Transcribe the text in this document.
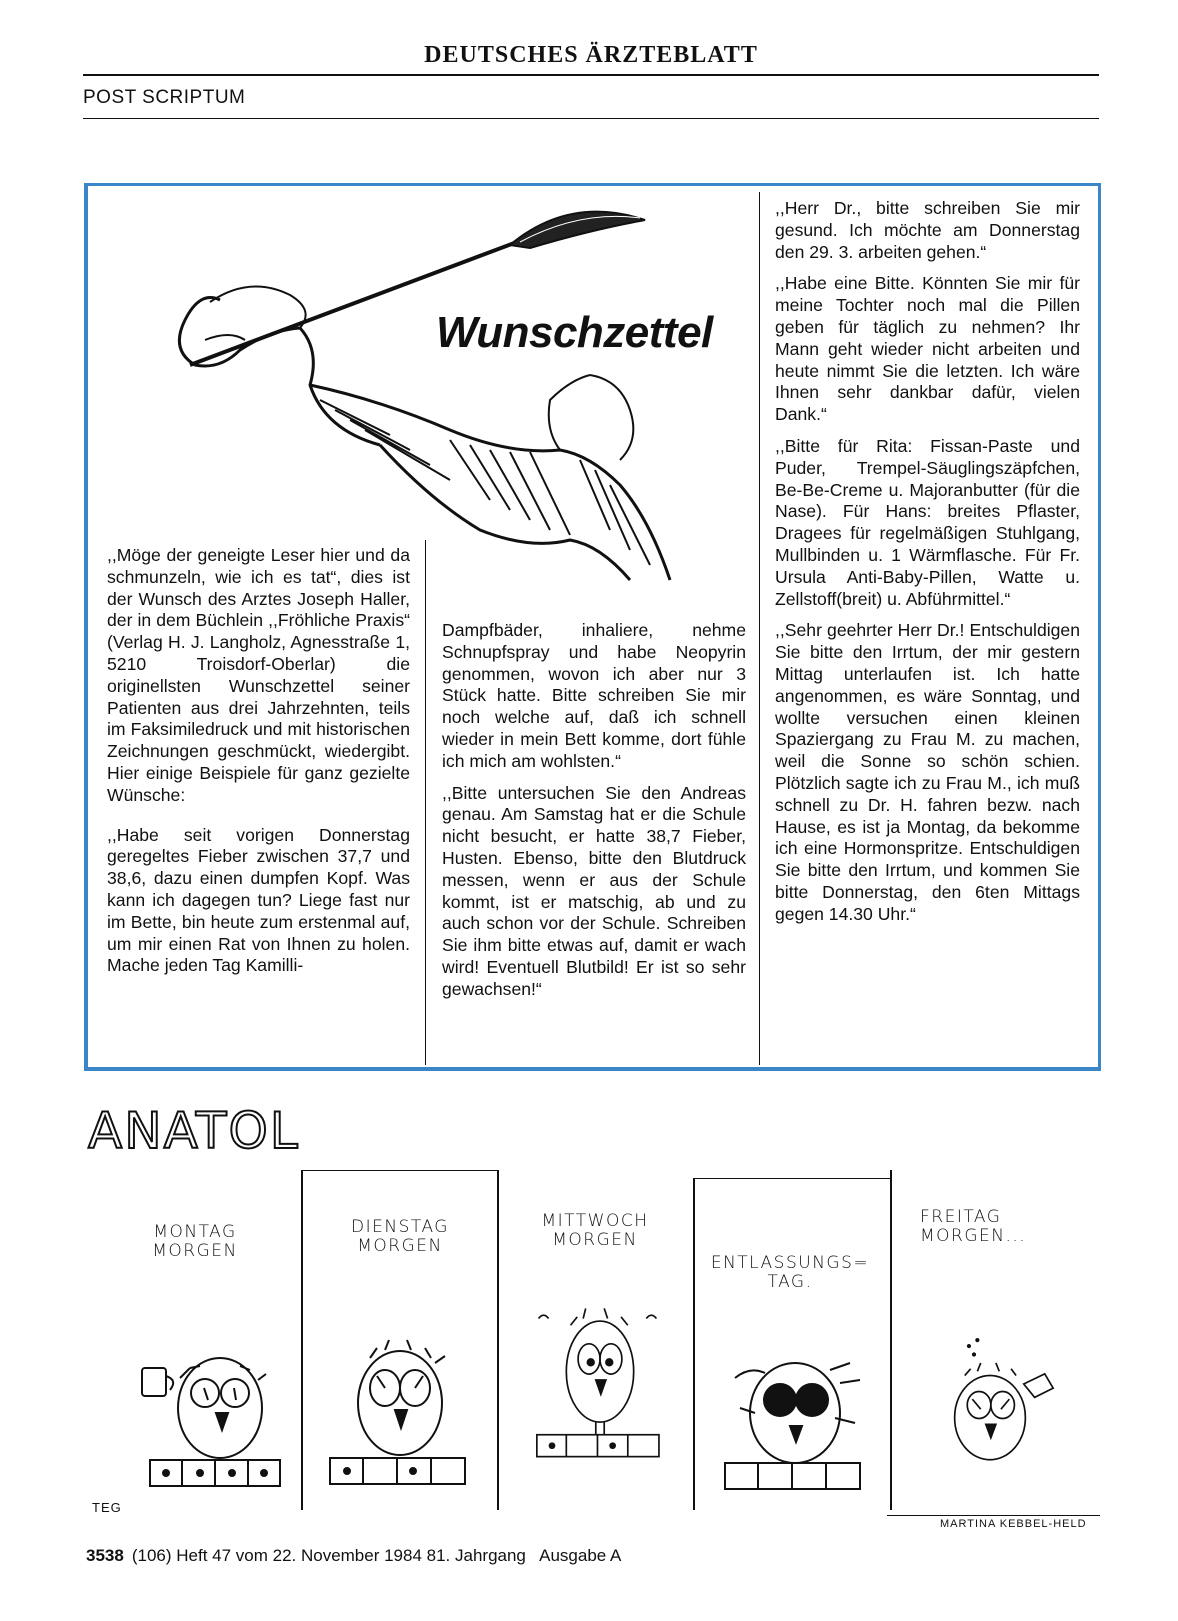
DEUTSCHES ÄRZTEBLATT
POST SCRIPTUM
Wunschzettel

,,Möge der geneigte Leser hier und da schmunzeln, wie ich es tat“, dies ist der Wunsch des Arztes Joseph Haller, der in dem Büchlein ,,Fröhliche Praxis“ (Verlag H. J. Langholz, Agnesstraße 1, 5210 Troisdorf-Oberlar) die originellsten Wunschzettel seiner Patienten aus drei Jahrzehnten, teils im Faksimiledruck und mit historischen Zeichnungen geschmückt, wiedergibt. Hier einige Beispiele für ganz gezielte Wünsche:

,,Habe seit vorigen Donnerstag geregeltes Fieber zwischen 37,7 und 38,6, dazu einen dumpfen Kopf. Was kann ich dagegen tun? Liege fast nur im Bette, bin heute zum erstenmal auf, um mir einen Rat von Ihnen zu holen. Mache jeden Tag Kamilli-

Dampfbäder, inhaliere, nehme Schnupfspray und habe Neopyrin genommen, wovon ich aber nur 3 Stück hatte. Bitte schreiben Sie mir noch welche auf, daß ich schnell wieder in mein Bett komme, dort fühle ich mich am wohlsten.“

,,Bitte untersuchen Sie den Andreas genau. Am Samstag hat er die Schule nicht besucht, er hatte 38,7 Fieber, Husten. Ebenso, bitte den Blutdruck messen, wenn er aus der Schule kommt, ist er matschig, ab und zu auch schon vor der Schule. Schreiben Sie ihm bitte etwas auf, damit er wach wird! Eventuell Blutbild! Er ist so sehr gewachsen!“

,,Herr Dr., bitte schreiben Sie mir gesund. Ich möchte am Donnerstag den 29. 3. arbeiten gehen.“

,,Habe eine Bitte. Könnten Sie mir für meine Tochter noch mal die Pillen geben für täglich zu nehmen? Ihr Mann geht wieder nicht arbeiten und heute nimmt Sie die letzten. Ich wäre Ihnen sehr dankbar dafür, vielen Dank.“

,,Bitte für Rita: Fissan-Paste und Puder, Trempel-Säuglingszäpfchen, Be-Be-Creme u. Majoranbutter (für die Nase). Für Hans: breites Pflaster, Dragees für regelmäßigen Stuhlgang, Mullbinden u. 1 Wärmflasche. Für Fr. Ursula Anti-Baby-Pillen, Watte u. Zellstoff(breit) u. Abführmittel.“

,,Sehr geehrter Herr Dr.! Entschuldigen Sie bitte den Irrtum, der mir gestern Mittag unterlaufen ist. Ich hatte angenommen, es wäre Sonntag, und wollte versuchen einen kleinen Spaziergang zu Frau M. zu machen, weil die Sonne so schön schien. Plötzlich sagte ich zu Frau M., ich muß schnell zu Dr. H. fahren bezw. nach Hause, es ist ja Montag, da bekomme ich eine Hormonspritze. Entschuldigen Sie bitte den Irrtum, und kommen Sie bitte Donnerstag, den 6ten Mittags gegen 14.30 Uhr.“

ANATOL
MONTAG
MORGEN
DIENSTAG
MORGEN
MITTWOCH
MORGEN
ENTLASSUNGS=
TAG.
FREITAG
MORGEN...
TEG
MARTINA KEBBEL-HELD
3538 (106) Heft 47 vom 22. November 1984 81. Jahrgang   Ausgabe A
